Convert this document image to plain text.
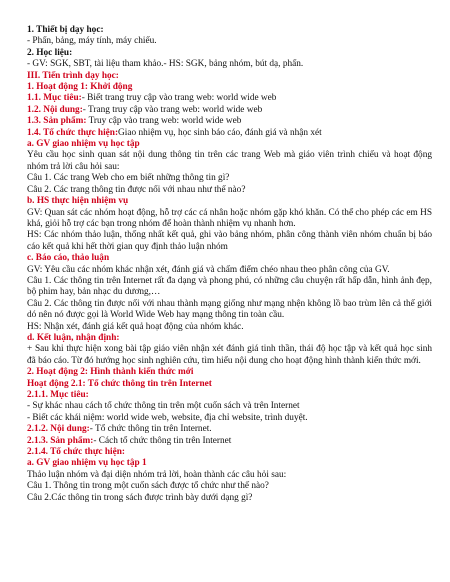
1. Thiết bị dạy học:

- Phấn, bảng, máy tính, máy chiếu.

2. Học liệu:

- GV: SGK, SBT, tài liệu tham khảo.- HS: SGK, bảng nhóm, bút dạ, phấn.

III. Tiến trình dạy học:

1. Hoạt động 1: Khởi động

1.1. Mục tiêu:- Biết trang truy cập vào trang web: world wide web

1.2. Nội dung:- Trang truy cập vào trang web: world wide web

1.3. Sản phẩm: Truy cập vào trang web: world wide web

1.4. Tổ chức thực hiện:Giao nhiệm vụ, học sinh báo cáo, đánh giá và nhận xét

a. GV giao nhiệm vụ học tập

Yêu cầu học sinh quan sát nội dung thông tin trên các trang Web mà giáo viên trình chiếu và hoạt động nhóm trả lời câu hỏi sau:

Câu 1. Các trang Web cho em biết những thông tin gì?

Câu 2. Các trang thông tin được nối với nhau như thế nào?

b. HS thực hiện nhiệm vụ

GV: Quan sát các nhóm hoạt động, hỗ trợ các cá nhân hoặc nhóm gặp khó khăn. Có thể cho phép các em HS khá, giỏi hỗ trợ các bạn trong nhóm để hoàn thành nhiệm vụ nhanh hơn.

HS: Các nhóm thảo luận, thống nhất kết quả, ghi vào bảng nhóm, phân công thành viên nhóm chuẩn bị báo cáo kết quả khi hết thời gian quy định thảo luận nhóm

c. Báo cáo, thảo luận

GV: Yêu cầu các nhóm khác nhận xét, đánh giá và chấm điểm chéo nhau theo phân công của GV.

Câu 1. Các thông tin trên Internet rất đa dạng và phong phú, có những câu chuyện rất hấp dẫn, hình ảnh đẹp, bộ phim hay, bản nhạc du dương,…

Câu 2. Các thông tin được nối với nhau thành mạng giống như mạng nhện không lồ bao trùm lên cả thế giới dó nên nó được gọi là World Wide Web hay mạng thông tin toàn cầu.

HS: Nhận xét, đánh giá kết quả hoạt động của nhóm khác.

d. Kết luận, nhận định:

+ Sau khi thực hiện xong bài tập giáo viên nhận xét đánh giá tinh thần, thái độ học tập và kết quả học sinh đã báo cáo. Từ đó hướng học sinh nghiên cứu, tìm hiểu nội dung cho hoạt động hình thành kiến thức mới.

2. Hoạt động 2: Hình thành kiến thức mới

Hoạt động 2.1: Tổ chức thông tin trên Internet

2.1.1. Mục tiêu:

- Sự khác nhau cách tổ chức thông tin trên một cuốn sách và trên Internet

- Biết các khái niệm: world wide web, website, địa chỉ website, trình duyệt.

2.1.2. Nội dung:- Tổ chức thông tin trên Internet.

2.1.3. Sản phẩm:- Cách tổ chức thông tin trên Internet

2.1.4. Tổ chức thực hiện:

a. GV giao nhiệm vụ học tập 1

Thảo luận nhóm và đại diện nhóm trả lời, hoàn thành các câu hỏi sau:

Câu 1. Thông tin trong một cuốn sách được tổ chức như thế nào?

Câu 2.Các thông tin trong sách được trình bày dưới dạng gì?
